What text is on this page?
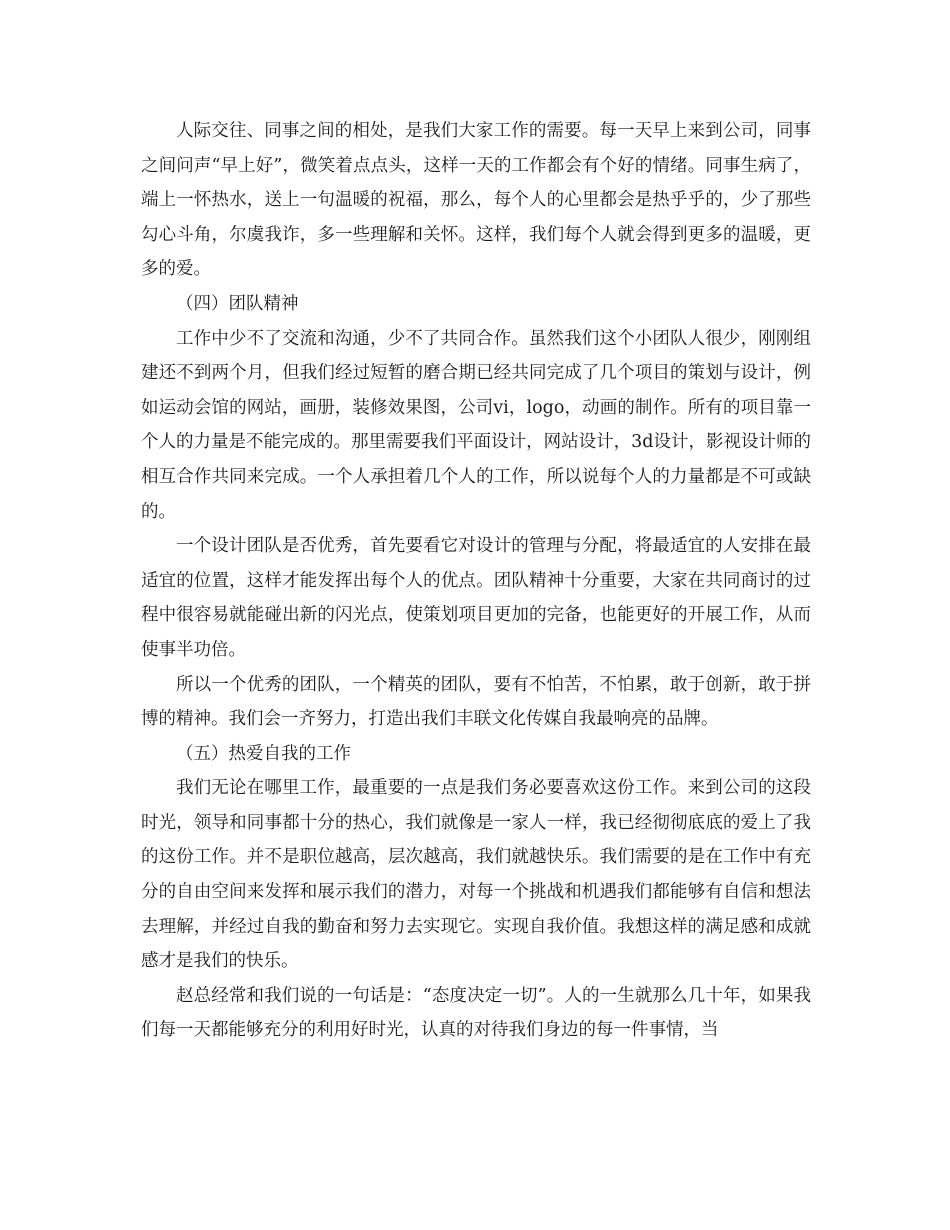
人际交往、同事之间的相处，是我们大家工作的需要。每一天早上来到公司，同事之间问声“早上好”，微笑着点点头，这样一天的工作都会有个好的情绪。同事生病了，端上一怀热水，送上一句温暖的祝福，那么，每个人的心里都会是热乎乎的，少了那些勾心斗角，尔虞我诈，多一些理解和关怀。这样，我们每个人就会得到更多的温暖，更多的爱。

（四）团队精神

工作中少不了交流和沟通，少不了共同合作。虽然我们这个小团队人很少，刚刚组建还不到两个月，但我们经过短暂的磨合期已经共同完成了几个项目的策划与设计，例如运动会馆的网站，画册，装修效果图，公司vi，logo，动画的制作。所有的项目靠一个人的力量是不能完成的。那里需要我们平面设计，网站设计，3d设计，影视设计师的相互合作共同来完成。一个人承担着几个人的工作，所以说每个人的力量都是不可或缺的。

一个设计团队是否优秀，首先要看它对设计的管理与分配，将最适宜的人安排在最适宜的位置，这样才能发挥出每个人的优点。团队精神十分重要，大家在共同商讨的过程中很容易就能碰出新的闪光点，使策划项目更加的完备，也能更好的开展工作，从而使事半功倍。

所以一个优秀的团队，一个精英的团队，要有不怕苦，不怕累，敢于创新，敢于拼博的精神。我们会一齐努力，打造出我们丰联文化传媒自我最响亮的品牌。

（五）热爱自我的工作

我们无论在哪里工作，最重要的一点是我们务必要喜欢这份工作。来到公司的这段时光，领导和同事都十分的热心，我们就像是一家人一样，我已经彻彻底底的爱上了我的这份工作。并不是职位越高，层次越高，我们就越快乐。我们需要的是在工作中有充分的自由空间来发挥和展示我们的潜力，对每一个挑战和机遇我们都能够有自信和想法去理解，并经过自我的勤奋和努力去实现它。实现自我价值。我想这样的满足感和成就感才是我们的快乐。

赵总经常和我们说的一句话是：“态度决定一切”。人的一生就那么几十年，如果我们每一天都能够充分的利用好时光，认真的对待我们身边的每一件事情，当
